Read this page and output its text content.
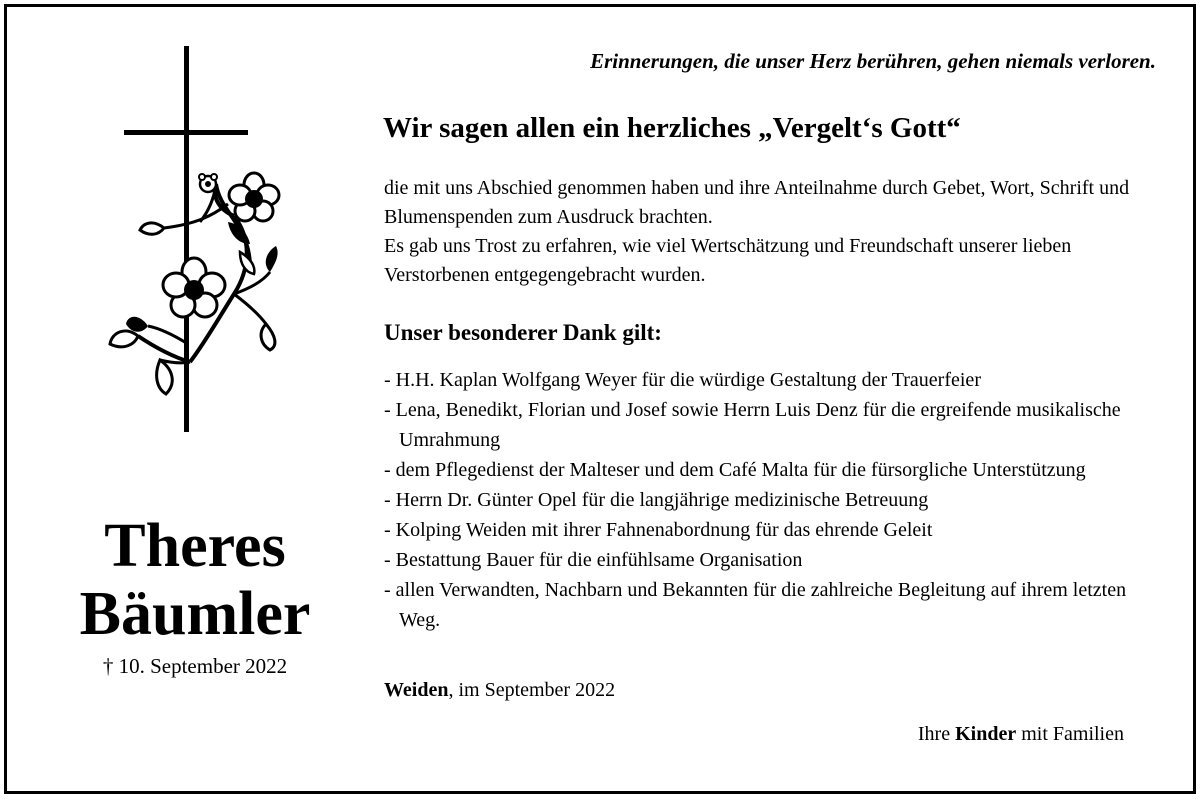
Erinnerungen, die unser Herz berühren, gehen niemals verloren.
Theres
Bäumler
† 10. September 2022
Wir sagen allen ein herzliches „Vergelt‘s Gott“

die mit uns Abschied genommen haben und ihre Anteilnahme durch Gebet, Wort, Schrift und Blumenspenden zum Ausdruck brachten.

Es gab uns Trost zu erfahren, wie viel Wertschätzung und Freundschaft unserer lieben Verstorbenen entgegengebracht wurden.

Unser besonderer Dank gilt:
- H.H. Kaplan Wolfgang Weyer für die würdige Gestaltung der Trauerfeier
- Lena, Benedikt, Florian und Josef sowie Herrn Luis Denz für die ergreifende musikalische Umrahmung
- dem Pflegedienst der Malteser und dem Café Malta für die fürsorgliche Unterstützung
- Herrn Dr. Günter Opel für die langjährige medizinische Betreuung
- Kolping Weiden mit ihrer Fahnenabordnung für das ehrende Geleit
- Bestattung Bauer für die einfühlsame Organisation
- allen Verwandten, Nachbarn und Bekannten für die zahlreiche Begleitung auf ihrem letzten Weg.
Weiden, im September 2022
Ihre Kinder mit Familien
